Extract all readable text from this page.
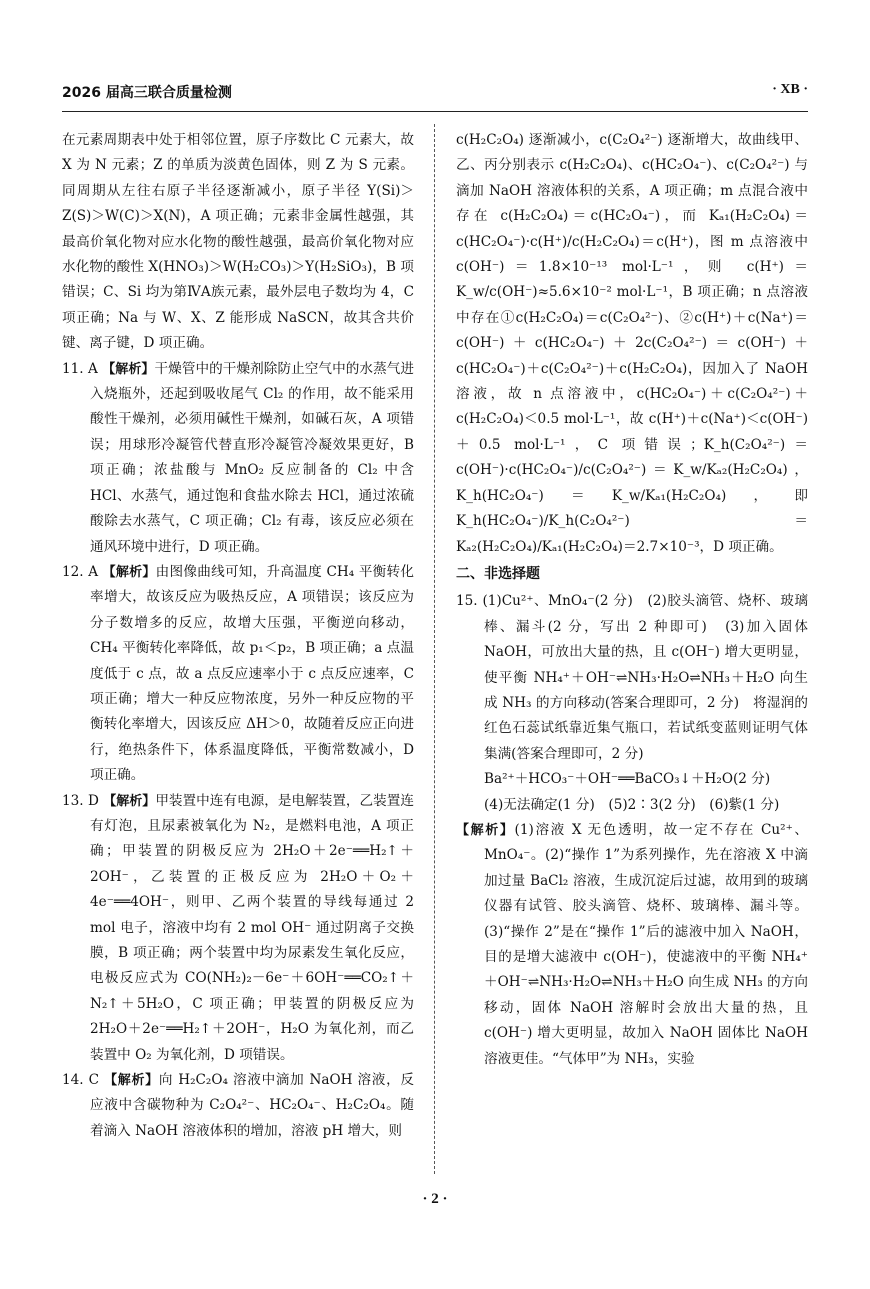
2026 届高三联合质量检测	· XB ·

在元素周期表中处于相邻位置，原子序数比 C 元素大，故 X 为 N 元素；Z 的单质为淡黄色固体，则 Z 为 S 元素。同周期从左往右原子半径逐渐减小，原子半径 Y(Si)＞Z(S)＞W(C)＞X(N)，A 项正确；元素非金属性越强，其最高价氧化物对应水化物的酸性越强，最高价氧化物对应水化物的酸性 X(HNO₃)＞W(H₂CO₃)＞Y(H₂SiO₃)，B 项错误；C、Si 均为第ⅣA族元素，最外层电子数均为 4，C 项正确；Na 与 W、X、Z 能形成 NaSCN，故其含共价键、离子键，D 项正确。

11. A 【解析】干燥管中的干燥剂除防止空气中的水蒸气进入烧瓶外，还起到吸收尾气 Cl₂ 的作用，故不能采用酸性干燥剂，必须用碱性干燥剂，如碱石灰，A 项错误；用球形冷凝管代替直形冷凝管冷凝效果更好，B 项正确；浓盐酸与 MnO₂ 反应制备的 Cl₂ 中含 HCl、水蒸气，通过饱和食盐水除去 HCl，通过浓硫酸除去水蒸气，C 项正确；Cl₂ 有毒，该反应必须在通风环境中进行，D 项正确。

12. A 【解析】由图像曲线可知，升高温度 CH₄ 平衡转化率增大，故该反应为吸热反应，A 项错误；该反应为分子数增多的反应，故增大压强，平衡逆向移动，CH₄ 平衡转化率降低，故 p₁＜p₂，B 项正确；a 点温度低于 c 点，故 a 点反应速率小于 c 点反应速率，C 项正确；增大一种反应物浓度，另外一种反应物的平衡转化率增大，因该反应 ΔH＞0，故随着反应正向进行，绝热条件下，体系温度降低，平衡常数减小，D 项正确。

13. D 【解析】甲装置中连有电源，是电解装置，乙装置连有灯泡，且尿素被氧化为 N₂，是燃料电池，A 项正确；甲装置的阴极反应为 2H₂O＋2e⁻══H₂↑＋2OH⁻，乙装置的正极反应为 2H₂O＋O₂＋4e⁻══4OH⁻，则甲、乙两个装置的导线每通过 2 mol 电子，溶液中均有 2 mol OH⁻ 通过阴离子交换膜，B 项正确；两个装置中均为尿素发生氧化反应，电极反应式为 CO(NH₂)₂－6e⁻＋6OH⁻══CO₂↑＋N₂↑＋5H₂O，C 项正确；甲装置的阴极反应为 2H₂O＋2e⁻══H₂↑＋2OH⁻，H₂O 为氧化剂，而乙装置中 O₂ 为氧化剂，D 项错误。

14. C 【解析】向 H₂C₂O₄ 溶液中滴加 NaOH 溶液，反应液中含碳物种为 C₂O₄²⁻、HC₂O₄⁻、H₂C₂O₄。随着滴入 NaOH 溶液体积的增加，溶液 pH 增大，则

c(H₂C₂O₄) 逐渐减小，c(C₂O₄²⁻) 逐渐增大，故曲线甲、乙、丙分别表示 c(H₂C₂O₄)、c(HC₂O₄⁻)、c(C₂O₄²⁻) 与滴加 NaOH 溶液体积的关系，A 项正确；m 点混合液中存在 c(H₂C₂O₄)＝c(HC₂O₄⁻)，而 Kₐ₁(H₂C₂O₄)＝c(HC₂O₄⁻)·c(H⁺)/c(H₂C₂O₄)＝c(H⁺)，图 m 点溶液中 c(OH⁻)＝1.8×10⁻¹³ mol·L⁻¹，则 c(H⁺)＝K_w/c(OH⁻)≈5.6×10⁻² mol·L⁻¹，B 项正确；n 点溶液中存在①c(H₂C₂O₄)＝c(C₂O₄²⁻)、②c(H⁺)＋c(Na⁺)＝c(OH⁻)＋c(HC₂O₄⁻)＋2c(C₂O₄²⁻)＝c(OH⁻)＋c(HC₂O₄⁻)＋c(C₂O₄²⁻)＋c(H₂C₂O₄)，因加入了 NaOH 溶液，故 n 点溶液中，c(HC₂O₄⁻)＋c(C₂O₄²⁻)＋c(H₂C₂O₄)＜0.5 mol·L⁻¹，故 c(H⁺)＋c(Na⁺)＜c(OH⁻)＋0.5 mol·L⁻¹，C 项错误；K_h(C₂O₄²⁻)＝c(OH⁻)·c(HC₂O₄⁻)/c(C₂O₄²⁻)＝K_w/Kₐ₂(H₂C₂O₄)，K_h(HC₂O₄⁻)＝K_w/Kₐ₁(H₂C₂O₄)，即 K_h(HC₂O₄⁻)/K_h(C₂O₄²⁻)＝Kₐ₂(H₂C₂O₄)/Kₐ₁(H₂C₂O₄)＝2.7×10⁻³，D 项正确。

二、非选择题

15. (1)Cu²⁺、MnO₄⁻(2 分)　(2)胶头滴管、烧杯、玻璃棒、漏斗(2 分，写出 2 种即可)　(3)加入固体 NaOH，可放出大量的热，且 c(OH⁻) 增大更明显，使平衡 NH₄⁺＋OH⁻⇌NH₃·H₂O⇌NH₃＋H₂O 向生成 NH₃ 的方向移动(答案合理即可，2 分)　将湿润的红色石蕊试纸靠近集气瓶口，若试纸变蓝则证明气体集满(答案合理即可，2 分)

Ba²⁺＋HCO₃⁻＋OH⁻══BaCO₃↓＋H₂O(2 分)

(4)无法确定(1 分)　(5)2∶3(2 分)　(6)紫(1 分)

【解析】(1)溶液 X 无色透明，故一定不存在 Cu²⁺、MnO₄⁻。(2)“操作 1”为系列操作，先在溶液 X 中滴加过量 BaCl₂ 溶液，生成沉淀后过滤，故用到的玻璃仪器有试管、胶头滴管、烧杯、玻璃棒、漏斗等。(3)“操作 2”是在“操作 1”后的滤液中加入 NaOH，目的是增大滤液中 c(OH⁻)，使滤液中的平衡 NH₄⁺＋OH⁻⇌NH₃·H₂O⇌NH₃＋H₂O 向生成 NH₃ 的方向移动，固体 NaOH 溶解时会放出大量的热，且 c(OH⁻) 增大更明显，故加入 NaOH 固体比 NaOH 溶液更佳。“气体甲”为 NH₃，实验

· 2 ·
